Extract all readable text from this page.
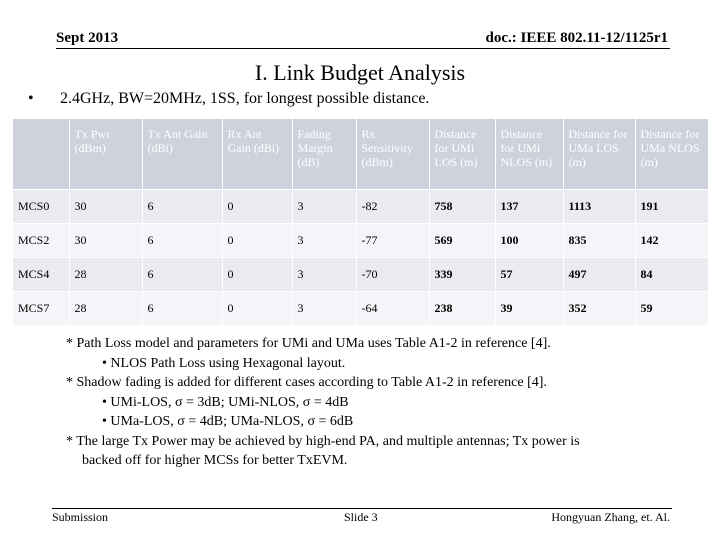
Sept 2013	doc.: IEEE 802.11-12/1125r1
I. Link Budget Analysis
• 2.4GHz, BW=20MHz, 1SS, for longest possible distance.
	Tx Pwr (dBm)	Tx Ant Gain (dBi)	Rx Ant Gain (dBi)	Fading Margin (dB)	Rx Sensitivity (dBm)	Distance for UMi LOS (m)	Distance for UMi NLOS (m)	Distance for UMa LOS (m)	Distance for UMa NLOS (m)
MCS0	30	6	0	3	-82	758	137	1113	191
MCS2	30	6	0	3	-77	569	100	835	142
MCS4	28	6	0	3	-70	339	57	497	84
MCS7	28	6	0	3	-64	238	39	352	59
* Path Loss model and parameters for UMi and UMa uses Table A1-2 in reference [4].
• NLOS Path Loss using Hexagonal layout.
* Shadow fading is added for different cases according to Table A1-2 in reference [4].
• UMi-LOS, σ = 3dB; UMi-NLOS, σ = 4dB
• UMa-LOS, σ = 4dB; UMa-NLOS, σ = 6dB
* The large Tx Power may be achieved by high-end PA, and multiple antennas; Tx power is
backed off for higher MCSs for better TxEVM.
Submission	Slide 3	Hongyuan Zhang, et. Al.
